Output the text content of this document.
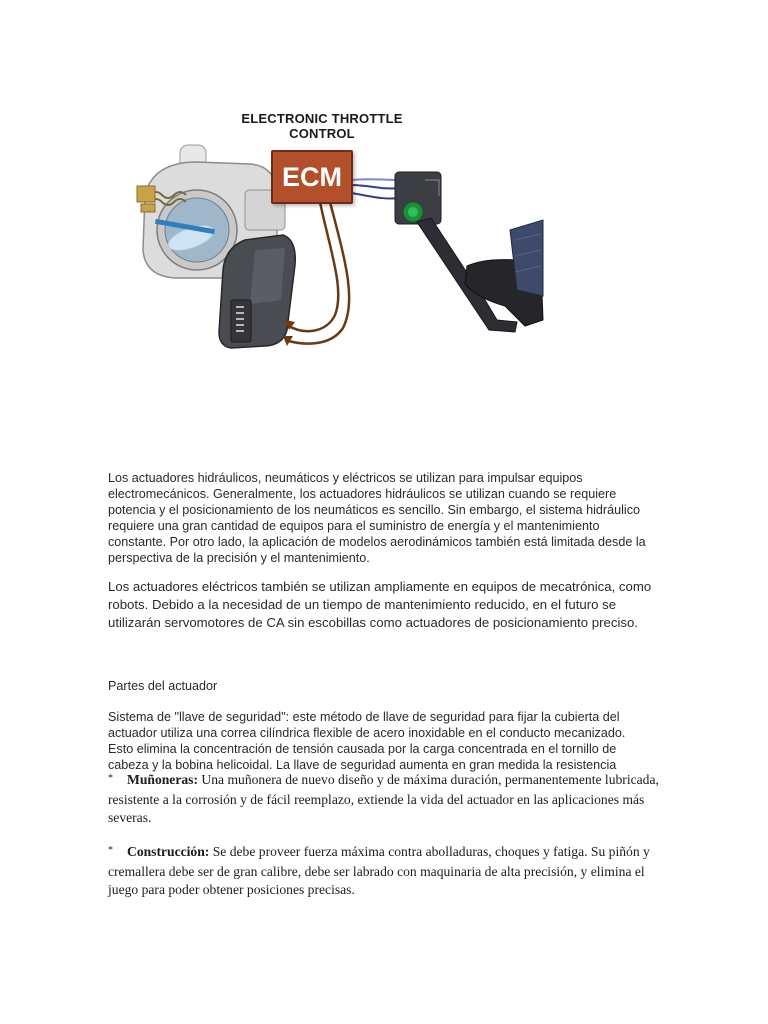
ELECTRONIC THROTTLE CONTROL
ECM

Los actuadores hidráulicos, neumáticos y eléctricos se utilizan para impulsar equipos electromecánicos. Generalmente, los actuadores hidráulicos se utilizan cuando se requiere potencia y el posicionamiento de los neumáticos es sencillo. Sin embargo, el sistema hidráulico requiere una gran cantidad de equipos para el suministro de energía y el mantenimiento constante. Por otro lado, la aplicación de modelos aerodinámicos también está limitada desde la perspectiva de la precisión y el mantenimiento.

Los actuadores eléctricos también se utilizan ampliamente en equipos de mecatrónica, como robots. Debido a la necesidad de un tiempo de mantenimiento reducido, en el futuro se utilizarán servomotores de CA sin escobillas como actuadores de posicionamiento preciso.

Partes del actuador

Sistema de "llave de seguridad": este método de llave de seguridad para fijar la cubierta del actuador utiliza una correa cilíndrica flexible de acero inoxidable en el conducto mecanizado. Esto elimina la concentración de tensión causada por la carga concentrada en el tornillo de cabeza y la bobina helicoidal. La llave de seguridad aumenta en gran medida la resistencia

* Muñoneras: Una muñonera de nuevo diseño y de máxima duración, permanentemente lubricada, resistente a la corrosión y de fácil reemplazo, extiende la vida del actuador en las aplicaciones más severas.
* Construcción: Se debe proveer fuerza máxima contra abolladuras, choques y fatiga. Su piñón y cremallera debe ser de gran calibre, debe ser labrado con maquinaria de alta precisión, y elimina el juego para poder obtener posiciones precisas.
